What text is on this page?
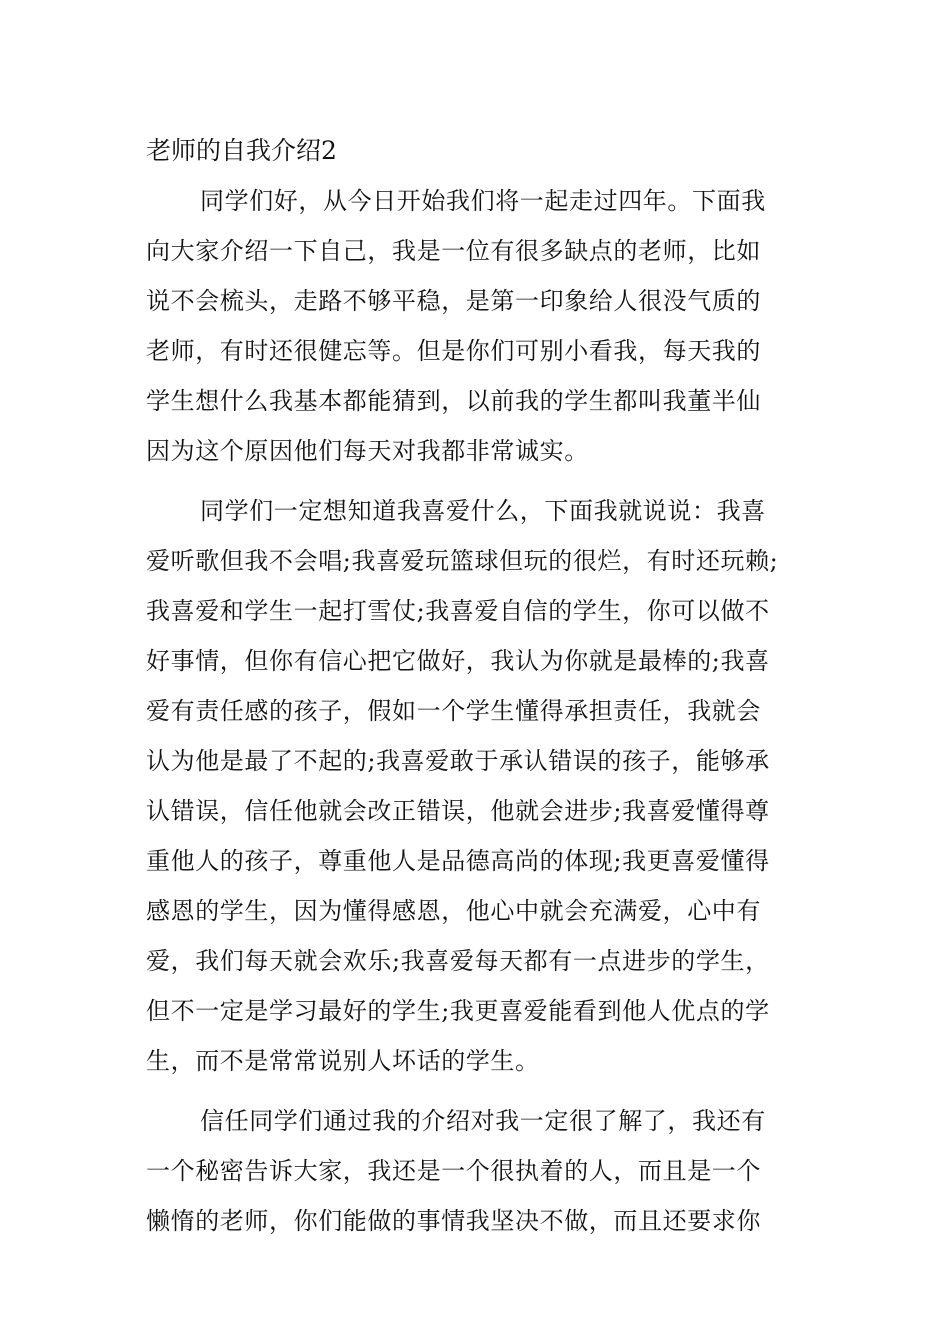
老师的自我介绍2
同学们好，从今日开始我们将一起走过四年。下面我
向大家介绍一下自己，我是一位有很多缺点的老师，比如
说不会梳头，走路不够平稳，是第一印象给人很没气质的
老师，有时还很健忘等。但是你们可别小看我，每天我的
学生想什么我基本都能猜到，以前我的学生都叫我董半仙
因为这个原因他们每天对我都非常诚实。
同学们一定想知道我喜爱什么，下面我就说说：我喜
爱听歌但我不会唱;我喜爱玩篮球但玩的很烂，有时还玩赖;
我喜爱和学生一起打雪仗;我喜爱自信的学生，你可以做不
好事情，但你有信心把它做好，我认为你就是最棒的;我喜
爱有责任感的孩子，假如一个学生懂得承担责任，我就会
认为他是最了不起的;我喜爱敢于承认错误的孩子，能够承
认错误，信任他就会改正错误，他就会进步;我喜爱懂得尊
重他人的孩子，尊重他人是品德高尚的体现;我更喜爱懂得
感恩的学生，因为懂得感恩，他心中就会充满爱，心中有
爱，我们每天就会欢乐;我喜爱每天都有一点进步的学生，
但不一定是学习最好的学生;我更喜爱能看到他人优点的学
生，而不是常常说别人坏话的学生。
信任同学们通过我的介绍对我一定很了解了，我还有
一个秘密告诉大家，我还是一个很执着的人，而且是一个
懒惰的老师，你们能做的事情我坚决不做，而且还要求你
